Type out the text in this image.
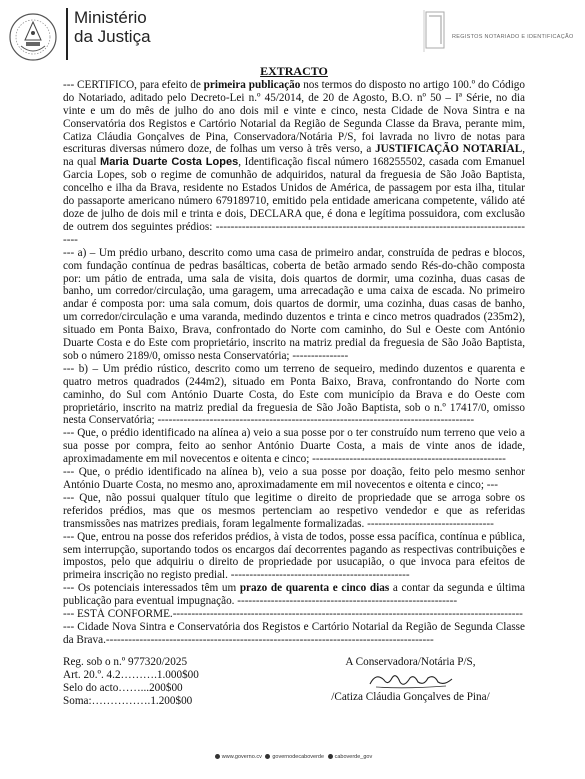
Ministério
da Justiça	REGISTOS NOTARIADO E IDENTIFICAÇÃO
EXTRACTO

--- CERTIFICO, para efeito de primeira publicação nos termos do disposto no artigo 100.º do Código do Notariado, aditado pelo Decreto-Lei n.º 45/2014, de 20 de Agosto, B.O. nº 50 – Iª Série, no dia vinte e um do mês de julho do ano dois mil e vinte e cinco, nesta Cidade de Nova Sintra e na Conservatória dos Registos e Cartório Notarial da Região de Segunda Classe da Brava, perante mim, Catiza Cláudia Gonçalves de Pina, Conservadora/Notária P/S, foi lavrada no livro de notas para escrituras diversas número doze, de folhas um verso à três verso, a JUSTIFICAÇÃO NOTARIAL, na qual Maria Duarte Costa Lopes, Identificação fiscal número 168255502, casada com Emanuel Garcia Lopes, sob o regime de comunhão de adquiridos, natural da freguesia de São João Baptista, concelho e ilha da Brava, residente no Estados Unidos de América, de passagem por esta ilha, titular do passaporte americano número 679189710, emitido pela entidade americana competente, válido até doze de julho de dois mil e trinta e dois, DECLARA que, é dona e legítima possuidora, com exclusão de outrem dos seguintes prédios: ---------------------------------------------------------------------------------------

--- a) – Um prédio urbano, descrito como uma casa de primeiro andar, construída de pedras e blocos, com fundação contínua de pedras basálticas, coberta de betão armado sendo Rés-do-chão composta por: um pátio de entrada, uma sala de visita, dois quartos de dormir, uma cozinha, duas casas de banho, um corredor/circulação, uma garagem, uma arrecadação e uma caixa de escada. No primeiro andar é composta por: uma sala comum, dois quartos de dormir, uma cozinha, duas casas de banho, um corredor/circulação e uma varanda, medindo duzentos e trinta e cinco metros quadrados (235m2), situado em Ponta Baixo, Brava, confrontado do Norte com caminho, do Sul e Oeste com António Duarte Costa e do Este com proprietário, inscrito na matriz predial da freguesia de São João Baptista, sob o número 2189/0, omisso nesta Conservatória; ---------------

--- b) – Um prédio rústico, descrito como um terreno de sequeiro, medindo duzentos e quarenta e quatro metros quadrados (244m2), situado em Ponta Baixo, Brava, confrontando do Norte com caminho, do Sul com António Duarte Costa, do Este com município da Brava e do Oeste com proprietário, inscrito na matriz predial da freguesia de São João Baptista, sob o n.º 17417/0, omisso nesta Conservatória; -------------------------------------------------------------------------------------

--- Que, o prédio identificado na alínea a) veio a sua posse por o ter construído num terreno que veio a sua posse por compra, feito ao senhor António Duarte Costa, a mais de vinte anos de idade, aproximadamente em mil novecentos e oitenta e cinco; ----------------------------------------------------

--- Que, o prédio identificado na alínea b), veio a sua posse por doação, feito pelo mesmo senhor António Duarte Costa, no mesmo ano, aproximadamente em mil novecentos e oitenta e cinco; ---

--- Que, não possui qualquer título que legitime o direito de propriedade que se arroga sobre os referidos prédios, mas que os mesmos pertenciam ao respetivo vendedor e que as referidas transmissões nas matrizes prediais, foram legalmente formalizadas. ----------------------------------

--- Que, entrou na posse dos referidos prédios, à vista de todos, posse essa pacífica, contínua e pública, sem interrupção, suportando todos os encargos daí decorrentes pagando as respectivas contribuições e impostos, pelo que adquiriu o direito de propriedade por usucapião, o que invoca para efeitos de primeira inscrição no registo predial. ------------------------------------------------

--- Os potenciais interessados têm um prazo de quarenta e cinco dias a contar da segunda e última publicação para eventual impugnação. -----------------------------------------------------------

--- ESTÁ CONFORME.----------------------------------------------------------------------------------------------

--- Cidade Nova Sintra e Conservatória dos Registos e Cartório Notarial da Região de Segunda Classe da Brava.----------------------------------------------------------------------------------------

Reg. sob o n.º 977320/2025

Art. 20.º. 4.2……….1.000$00

Selo do acto……...200$00

Soma:…………….1.200$00

A Conservadora/Notária P/S,
/Catiza Cláudia Gonçalves de Pina/
www.governo.cv governodecaboverde caboverde_gov
